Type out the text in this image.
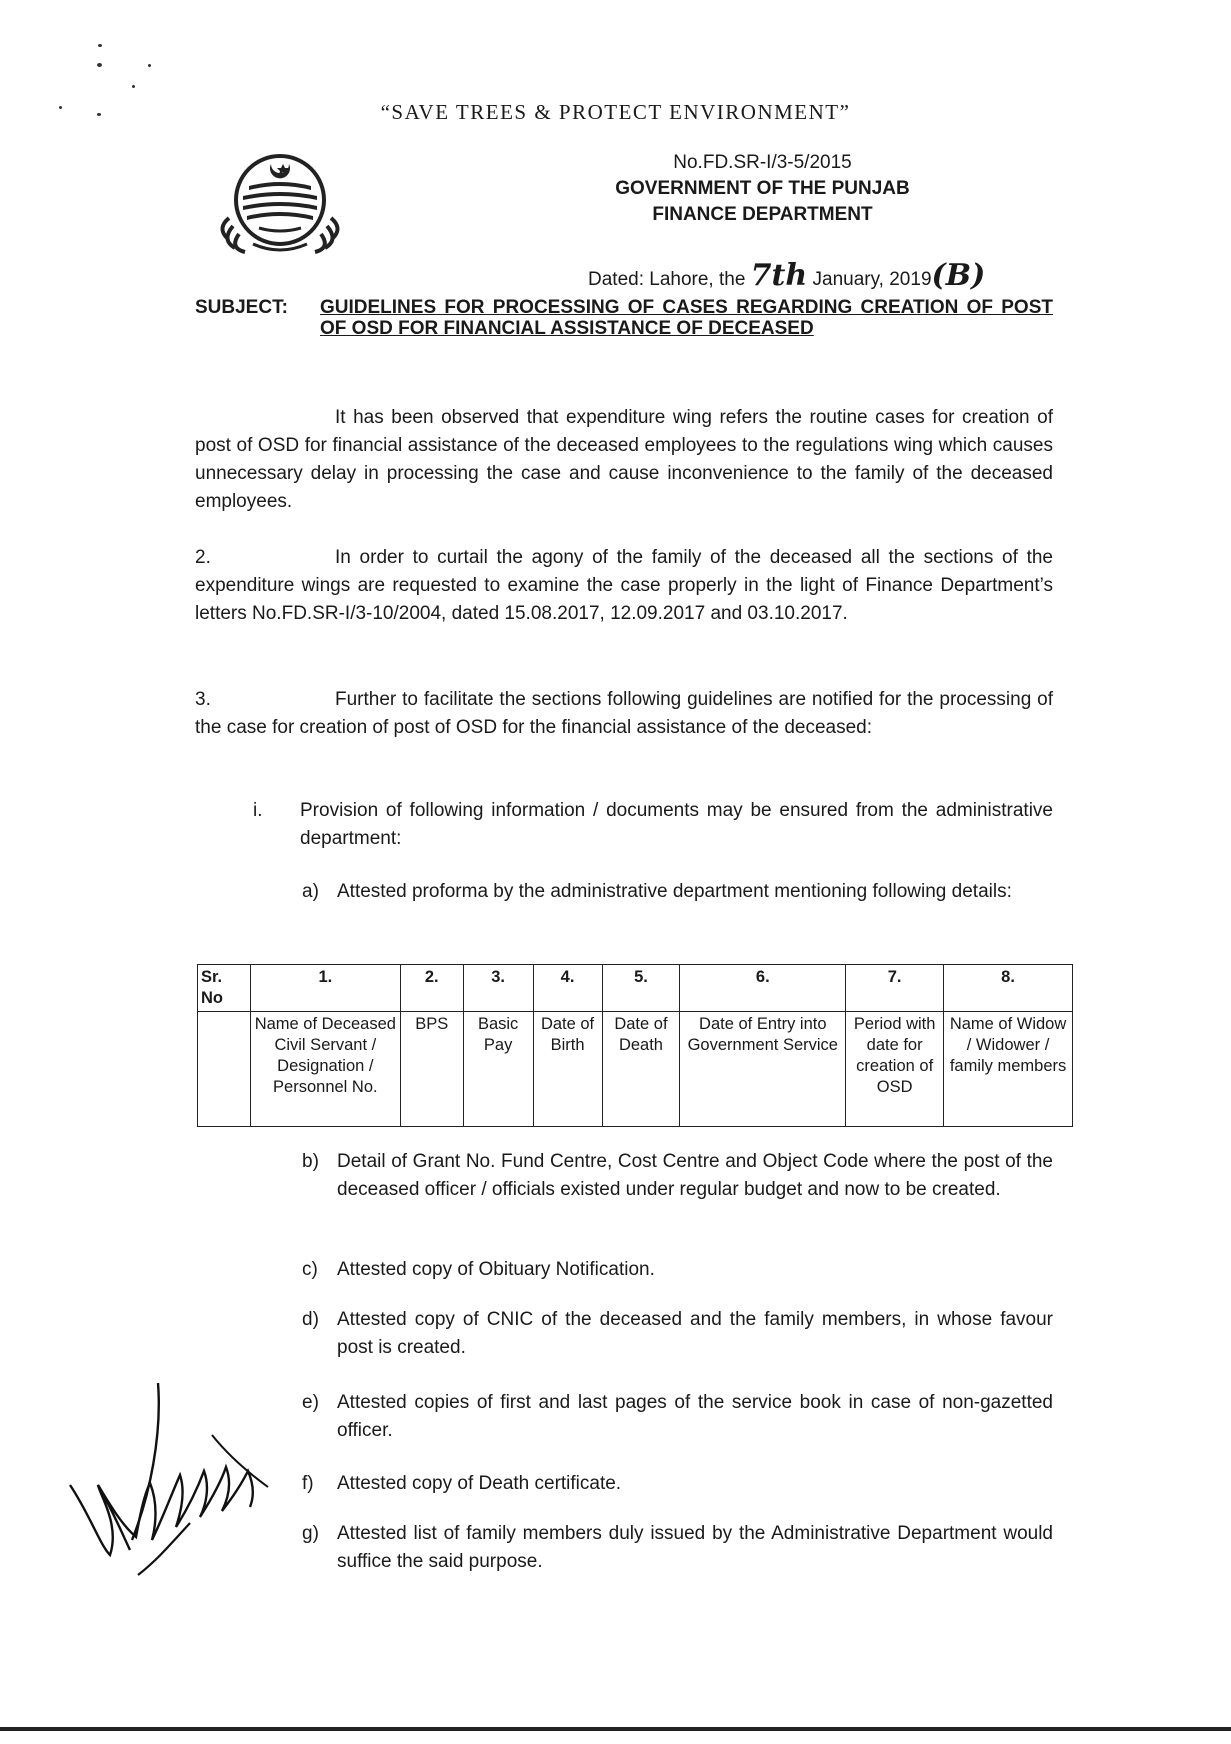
“SAVE TREES & PROTECT ENVIRONMENT”
No.FD.SR-I/3-5/2015
GOVERNMENT OF THE PUNJAB
FINANCE DEPARTMENT
Dated: Lahore, the 7th January, 2019(B)
SUBJECT: GUIDELINES FOR PROCESSING OF CASES REGARDING CREATION OF POST OF OSD FOR FINANCIAL ASSISTANCE OF DECEASED
It has been observed that expenditure wing refers the routine cases for creation of post of OSD for financial assistance of the deceased employees to the regulations wing which causes unnecessary delay in processing the case and cause inconvenience to the family of the deceased employees.
2.	In order to curtail the agony of the family of the deceased all the sections of the expenditure wings are requested to examine the case properly in the light of Finance Department’s letters No.FD.SR-I/3-10/2004, dated 15.08.2017, 12.09.2017 and 03.10.2017.
3.	Further to facilitate the sections following guidelines are notified for the processing of the case for creation of post of OSD for the financial assistance of the deceased:
i. Provision of following information / documents may be ensured from the administrative department:
a) Attested proforma by the administrative department mentioning following details:
Sr. No	1.	2.	3.	4.	5.	6.	7.	8.
	Name of Deceased Civil Servant / Designation / Personnel No.	BPS	Basic Pay	Date of Birth	Date of Death	Date of Entry into Government Service	Period with date for creation of OSD	Name of Widow / Widower / family members
b) Detail of Grant No. Fund Centre, Cost Centre and Object Code where the post of the deceased officer / officials existed under regular budget and now to be created.
c) Attested copy of Obituary Notification.
d) Attested copy of CNIC of the deceased and the family members, in whose favour post is created.
e) Attested copies of first and last pages of the service book in case of non-gazetted officer.
f) Attested copy of Death certificate.
g) Attested list of family members duly issued by the Administrative Department would suffice the said purpose.
